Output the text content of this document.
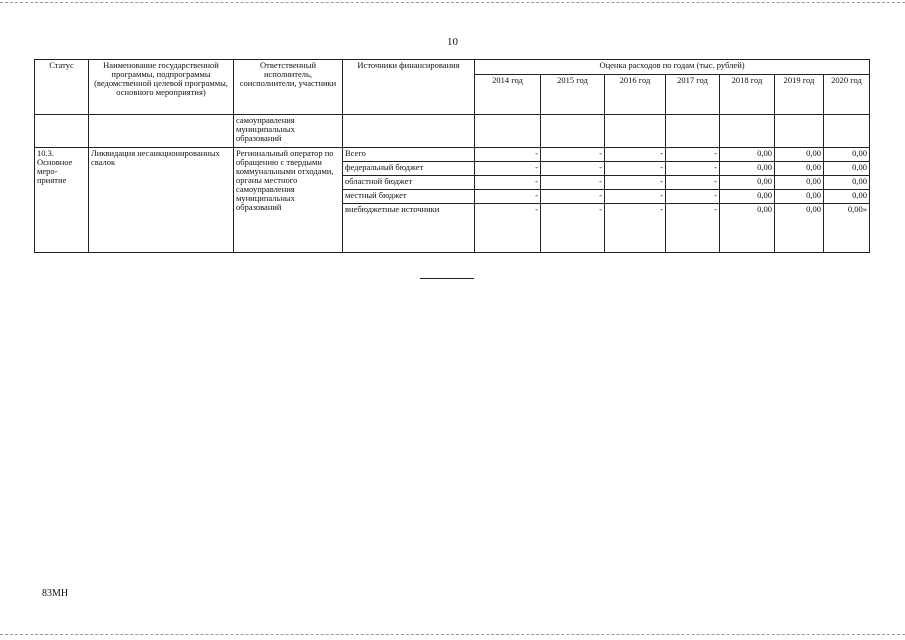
10
Статус	Наименование государственной программы, подпрограммы (ведомственной целевой программы, основного мероприятия)	Ответственный исполнитель, соисполнители, участники	Источники финансирования	Оценка расходов по годам (тыс. рублей)						
				2014 год	2015 год	2016 год	2017 год	2018 год	2019 год	2020 год
		самоуправления муниципальных образований								
10.3. Основное меро-приятие	Ликвидация несанкционированных свалок	Региональный оператор по обращению с твердыми коммунальными отходами, органы местного самоуправления муниципальных образований	Всего	-	-	-	-	0,00	0,00	0,00
			федеральный бюджет	-	-	-	-	0,00	0,00	0,00
			областной бюджет	-	-	-	-	0,00	0,00	0,00
			местный бюджет	-	-	-	-	0,00	0,00	0,00
			внебюджетные источники	-	-	-	-	0,00	0,00	0,00»
83МН
